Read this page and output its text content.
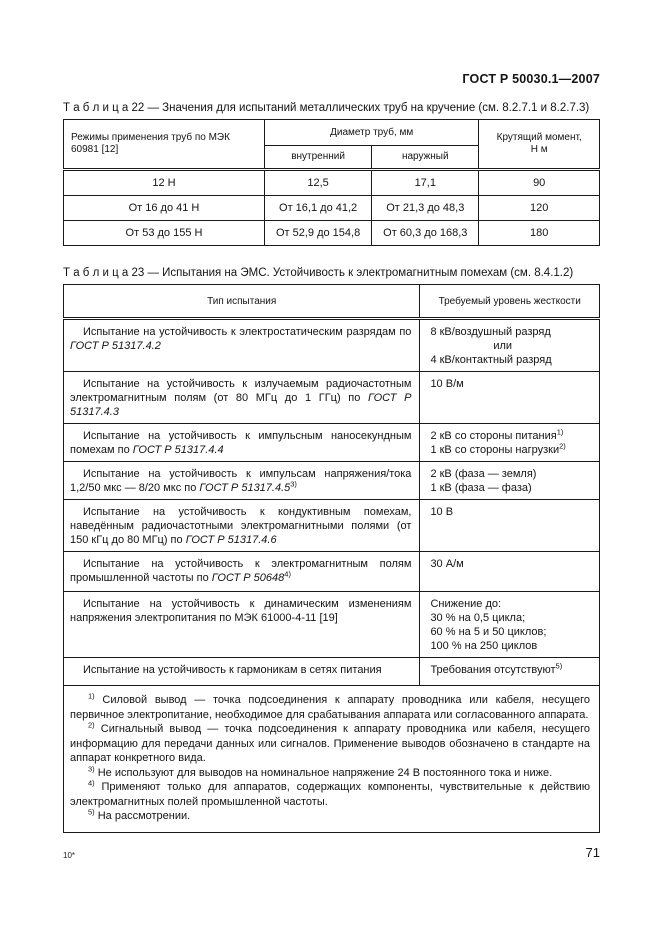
ГОСТ Р 50030.1—2007
Т а б л и ц а 22 — Значения для испытаний металлических труб на кручение (см. 8.2.7.1 и 8.2.7.3)
Режимы применения труб по МЭК 60981 [12]	Диаметр труб, мм		Крутящий момент,
Н м
	внутренний	наружный	
12 Н	12,5	17,1	90
От 16 до 41 Н	От 16,1 до 41,2	От 21,3 до 48,3	120
От 53 до 155 Н	От 52,9 до 154,8	От 60,3 до 168,3	180
Т а б л и ц а 23 — Испытания на ЭМС. Устойчивость к электромагнитным помехам (см. 8.4.1.2)
Тип испытания	Требуемый уровень жесткости
Испытание на устойчивость к электростатическим разрядам по ГОСТ Р 51317.4.2	8 кВ/воздушный разряд
или
4 кВ/контактный разряд

Испытание на устойчивость к излучаемым радиочастотным электромагнитным полям (от 80 МГц до 1 ГГц) по ГОСТ Р 51317.4.3	10 В/м

Испытание на устойчивость к импульсным наносекундным помехам по ГОСТ Р 51317.4.4	2 кВ со стороны питания$^{1)}$
1 кВ со стороны нагрузки$^{2)}$

Испытание на устойчивость к импульсам напряжения/тока 1,2/50 мкс — 8/20 мкс по ГОСТ Р 51317.4.5$^{3)}$	2 кВ (фаза — земля)
1 кВ (фаза — фаза)

Испытание на устойчивость к кондуктивным помехам, наведённым радиочастотными электромагнитными полями (от 150 кГц до 80 МГц) по ГОСТ Р 51317.4.6	10 В

Испытание на устойчивость к электромагнитным полям промышленной частоты по ГОСТ Р 50648$^{4)}$	30 А/м

Испытание на устойчивость к динамическим изменениям напряжения электропитания по МЭК 61000-4-11 [19]	Снижение до:
30 % на 0,5 цикла;
60 % на 5 и 50 циклов;
100 % на 250 циклов

Испытание на устойчивость к гармоникам в сетях питания	Требования отсутствуют$^{5)}$

$^{1)}$ Силовой вывод — точка подсоединения к аппарату проводника или кабеля, несущего первичное электропитание, необходимое для срабатывания аппарата или согласованного аппарата.
$^{2)}$ Сигнальный вывод — точка подсоединения к аппарату проводника или кабеля, несущего информацию для передачи данных или сигналов. Применение выводов обозначено в стандарте на аппарат конкретного вида.
$^{3)}$ Не используют для выводов на номинальное напряжение 24 В постоянного тока и ниже.
$^{4)}$ Применяют только для аппаратов, содержащих компоненты, чувствительные к действию электромагнитных полей промышленной частоты.
$^{5)}$ На рассмотрении.	
10*	71
